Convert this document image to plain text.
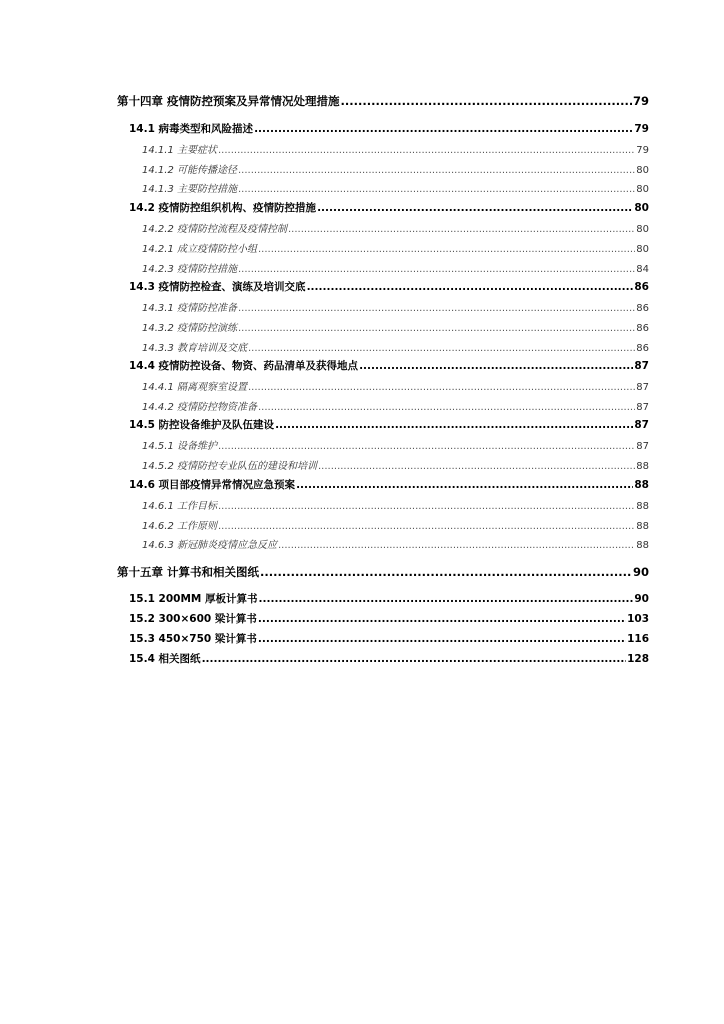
第十四章 疫情防控预案及异常情况处理措施 .....	79
14.1 病毒类型和风险描述 .....	79
14.1.1 主要症状 .....	79
14.1.2 可能传播途径 .....	80
14.1.3 主要防控措施 .....	80
14.2 疫情防控组织机构、疫情防控措施 .....	80
14.2.2 疫情防控流程及疫情控制 .....	80
14.2.1 成立疫情防控小组 .....	80
14.2.3 疫情防控措施 .....	84
14.3 疫情防控检查、演练及培训交底 .....	86
14.3.1 疫情防控准备 .....	86
14.3.2 疫情防控演练 .....	86
14.3.3 教育培训及交底 .....	86
14.4 疫情防控设备、物资、药品清单及获得地点 .....	87
14.4.1 隔离观察室设置 .....	87
14.4.2 疫情防控物资准备 .....	87
14.5 防控设备维护及队伍建设 .....	87
14.5.1 设备维护 .....	87
14.5.2 疫情防控专业队伍的建设和培训 .....	88
14.6 项目部疫情异常情况应急预案 .....	88
14.6.1 工作目标 .....	88
14.6.2 工作原则 .....	88
14.6.3 新冠肺炎疫情应急反应 .....	88
第十五章 计算书和相关图纸 .....	90
15.1 200MM 厚板计算书 .....	90
15.2 300×600 梁计算书 .....	103
15.3 450×750 梁计算书 .....	116
15.4 相关图纸 .....	128
